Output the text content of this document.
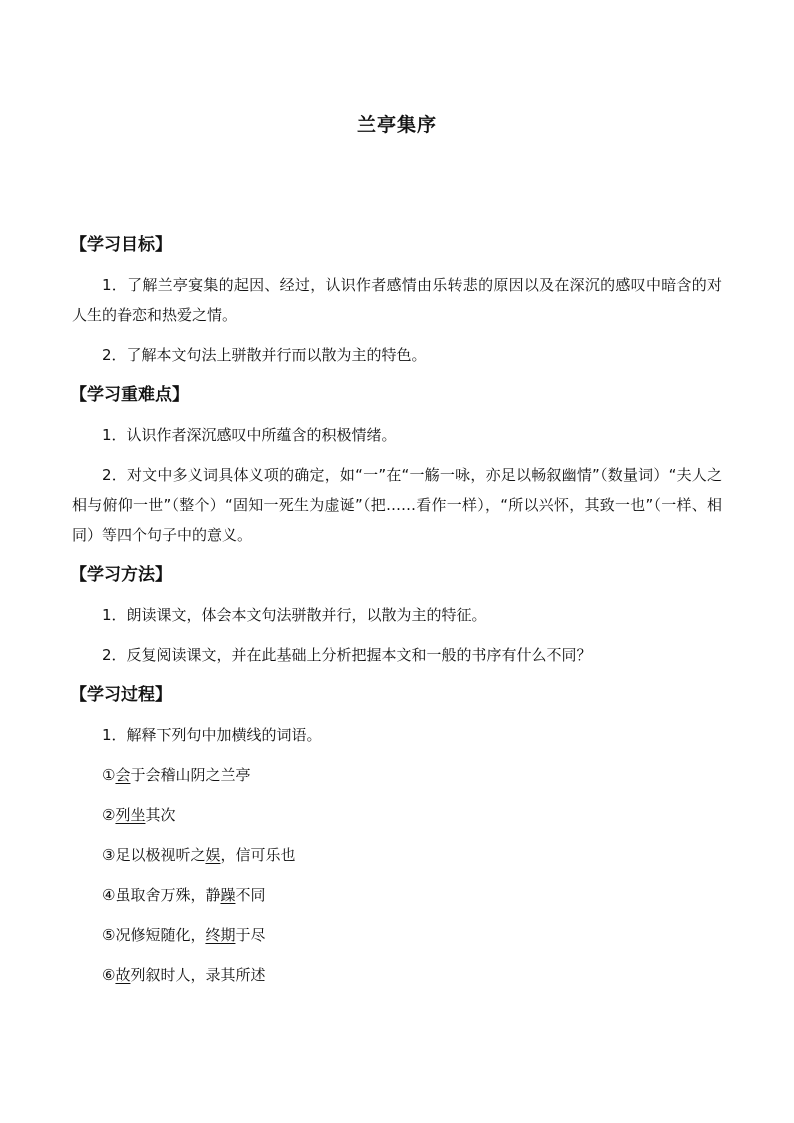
兰亭集序
【学习目标】

1．了解兰亭宴集的起因、经过，认识作者感情由乐转悲的原因以及在深沉的感叹中暗含的对人生的眷恋和热爱之情。

2．了解本文句法上骈散并行而以散为主的特色。

【学习重难点】

1．认识作者深沉感叹中所蕴含的积极情绪。

2．对文中多义词具体义项的确定，如“一”在“一觞一咏，亦足以畅叙幽情”（数量词）“夫人之相与俯仰一世”（整个）“固知一死生为虚诞”（把……看作一样），“所以兴怀，其致一也”（一样、相同）等四个句子中的意义。

【学习方法】

1．朗读课文，体会本文句法骈散并行，以散为主的特征。

2．反复阅读课文，并在此基础上分析把握本文和一般的书序有什么不同？

【学习过程】

1．解释下列句中加横线的词语。

①会于会稽山阴之兰亭
②列坐其次
③足以极视听之娱，信可乐也
④虽取舍万殊，静躁不同
⑤况修短随化，终期于尽
⑥故列叙时人，录其所述
